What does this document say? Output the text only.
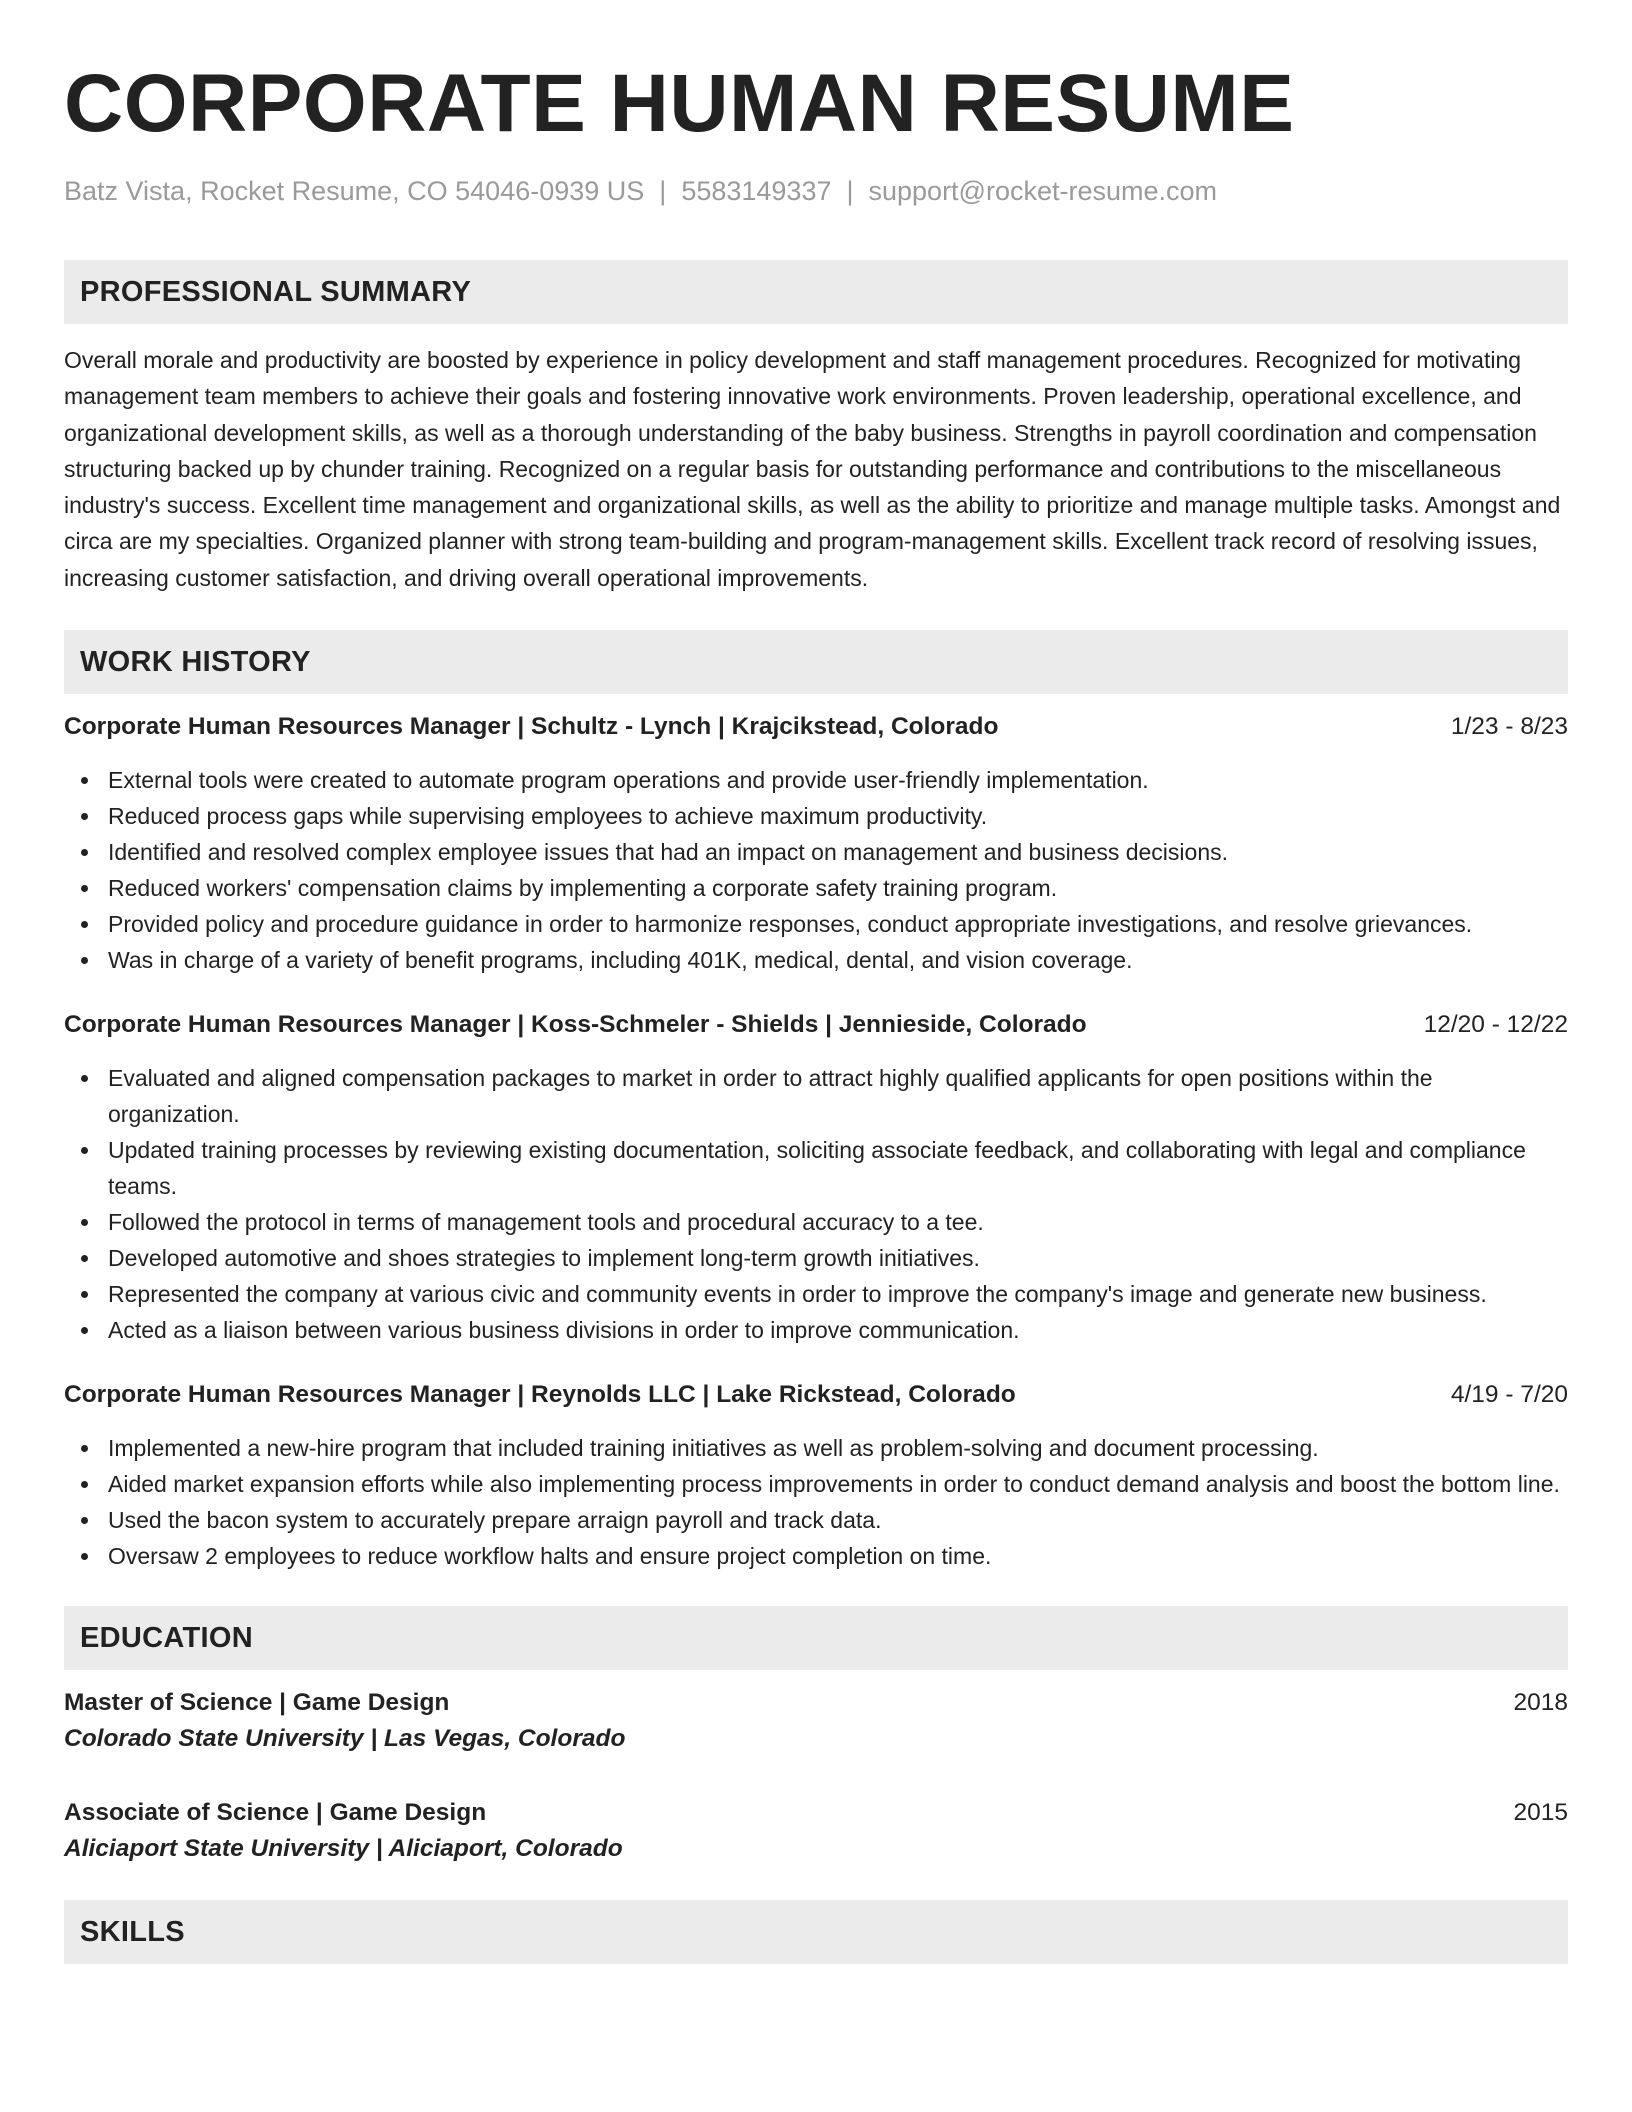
CORPORATE HUMAN RESUME
Batz Vista, Rocket Resume, CO 54046-0939 US | 5583149337 | support@rocket-resume.com
PROFESSIONAL SUMMARY
Overall morale and productivity are boosted by experience in policy development and staff management procedures. Recognized for motivating management team members to achieve their goals and fostering innovative work environments. Proven leadership, operational excellence, and organizational development skills, as well as a thorough understanding of the baby business. Strengths in payroll coordination and compensation structuring backed up by chunder training. Recognized on a regular basis for outstanding performance and contributions to the miscellaneous industry's success. Excellent time management and organizational skills, as well as the ability to prioritize and manage multiple tasks. Amongst and circa are my specialties. Organized planner with strong team-building and program-management skills. Excellent track record of resolving issues, increasing customer satisfaction, and driving overall operational improvements.
WORK HISTORY
Corporate Human Resources Manager | Schultz - Lynch | Krajcikstead, Colorado	1/23 - 8/23
External tools were created to automate program operations and provide user-friendly implementation.
Reduced process gaps while supervising employees to achieve maximum productivity.
Identified and resolved complex employee issues that had an impact on management and business decisions.
Reduced workers' compensation claims by implementing a corporate safety training program.
Provided policy and procedure guidance in order to harmonize responses, conduct appropriate investigations, and resolve grievances.
Was in charge of a variety of benefit programs, including 401K, medical, dental, and vision coverage.
Corporate Human Resources Manager | Koss-Schmeler - Shields | Jennieside, Colorado	12/20 - 12/22
Evaluated and aligned compensation packages to market in order to attract highly qualified applicants for open positions within the organization.
Updated training processes by reviewing existing documentation, soliciting associate feedback, and collaborating with legal and compliance teams.
Followed the protocol in terms of management tools and procedural accuracy to a tee.
Developed automotive and shoes strategies to implement long-term growth initiatives.
Represented the company at various civic and community events in order to improve the company's image and generate new business.
Acted as a liaison between various business divisions in order to improve communication.
Corporate Human Resources Manager | Reynolds LLC | Lake Rickstead, Colorado	4/19 - 7/20
Implemented a new-hire program that included training initiatives as well as problem-solving and document processing.
Aided market expansion efforts while also implementing process improvements in order to conduct demand analysis and boost the bottom line.
Used the bacon system to accurately prepare arraign payroll and track data.
Oversaw 2 employees to reduce workflow halts and ensure project completion on time.
EDUCATION
Master of Science | Game Design	2018
Colorado State University | Las Vegas, Colorado
Associate of Science | Game Design	2015
Aliciaport State University | Aliciaport, Colorado
SKILLS
